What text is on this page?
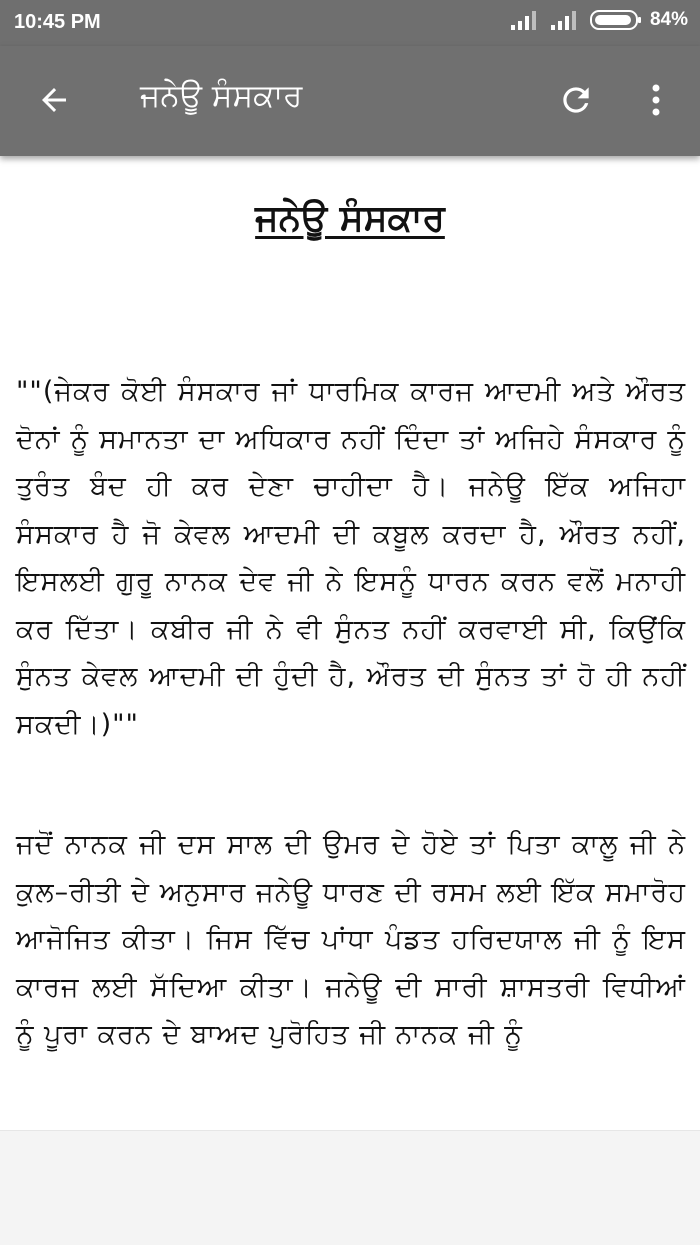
10:45 PM	84%
ਜਨੇਊ ਸੰਸਕਾਰ
ਜਨੇਊ ਸੰਸਕਾਰ

""(ਜੇਕਰ ਕੋਈ ਸੰਸਕਾਰ ਜਾਂ ਧਾਰਮਿਕ ਕਾਰਜ ਆਦਮੀ ਅਤੇ ਔਰਤ ਦੋਨਾਂ ਨੂੰ ਸਮਾਨਤਾ ਦਾ ਅਧਿਕਾਰ ਨਹੀਂ ਦਿੰਦਾ ਤਾਂ ਅਜਿਹੇ ਸੰਸਕਾਰ ਨੂੰ ਤੁਰੰਤ ਬੰਦ ਹੀ ਕਰ ਦੇਣਾ ਚਾਹੀਦਾ ਹੈ। ਜਨੇਊ ਇੱਕ ਅਜਿਹਾ ਸੰਸਕਾਰ ਹੈ ਜੋ ਕੇਵਲ ਆਦਮੀ ਦੀ ਕਬੂਲ ਕਰਦਾ ਹੈ, ਔਰਤ ਨਹੀਂ, ਇਸਲਈ ਗੁਰੂ ਨਾਨਕ ਦੇਵ ਜੀ ਨੇ ਇਸਨੂੰ ਧਾਰਨ ਕਰਨ ਵਲੋਂ ਮਨਾਹੀ ਕਰ ਦਿੱਤਾ। ਕਬੀਰ ਜੀ ਨੇ ਵੀ ਸੁੰਨਤ ਨਹੀਂ ਕਰਵਾਈ ਸੀ, ਕਿਉਂਕਿ ਸੁੰਨਤ ਕੇਵਲ ਆਦਮੀ ਦੀ ਹੁੰਦੀ ਹੈ, ਔਰਤ ਦੀ ਸੁੰਨਤ ਤਾਂ ਹੋ ਹੀ ਨਹੀਂ ਸਕਦੀ।)""

ਜਦੋਂ ਨਾਨਕ ਜੀ ਦਸ ਸਾਲ ਦੀ ਉਮਰ ਦੇ ਹੋਏ ਤਾਂ ਪਿਤਾ ਕਾਲੂ ਜੀ ਨੇ ਕੁਲ–ਰੀਤੀ ਦੇ ਅਨੁਸਾਰ ਜਨੇਊ ਧਾਰਣ ਦੀ ਰਸਮ ਲਈ ਇੱਕ ਸਮਾਰੋਹ ਆਜੋਜਿਤ ਕੀਤਾ। ਜਿਸ ਵਿੱਚ ਪਾਂਧਾ ਪੰਡਤ ਹਰਿਦਯਾਲ ਜੀ ਨੂੰ ਇਸ ਕਾਰਜ ਲਈ ਸੱਦਿਆ ਕੀਤਾ। ਜਨੇਊ ਦੀ ਸਾਰੀ ਸ਼ਾਸਤਰੀ ਵਿਧੀਆਂ ਨੂੰ ਪੂਰਾ ਕਰਨ ਦੇ ਬਾਅਦ ਪੁਰੋਹਿਤ ਜੀ ਨਾਨਕ ਜੀ ਨੂੰ
